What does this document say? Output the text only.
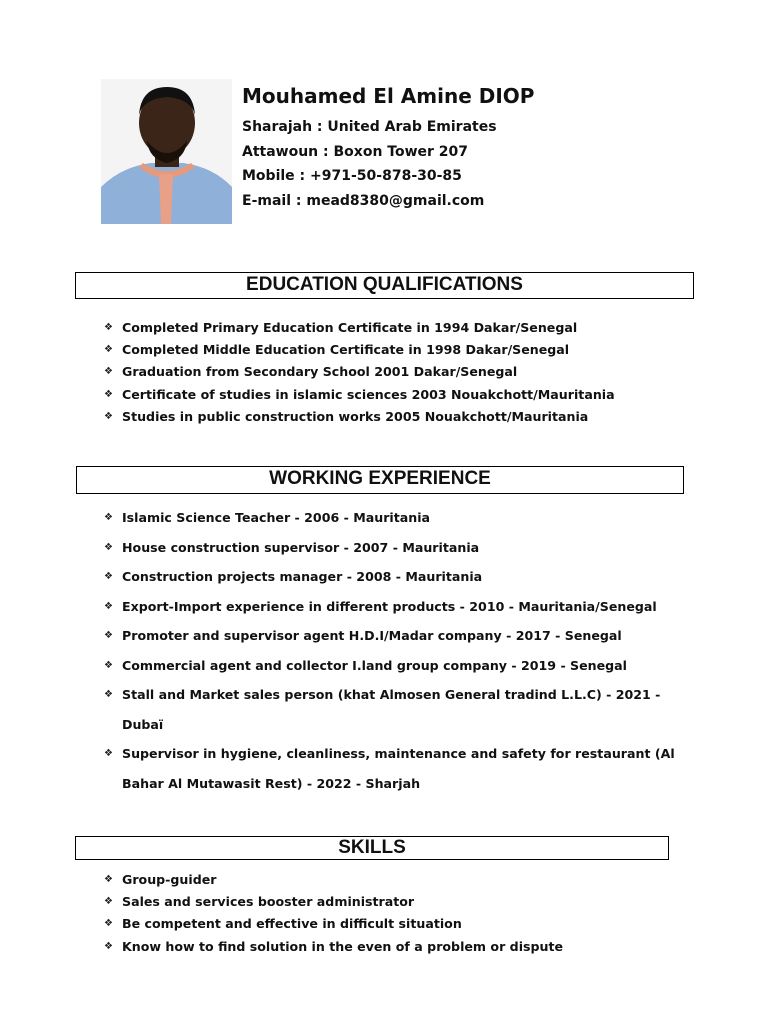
Mouhamed El Amine DIOP
Sharajah : United Arab Emirates
Attawoun : Boxon Tower 207
Mobile : +971-50-878-30-85
E-mail : mead8380@gmail.com
EDUCATION QUALIFICATIONS
❖ Completed Primary Education Certificate in 1994 Dakar/Senegal
❖ Completed Middle Education Certificate in 1998 Dakar/Senegal
❖ Graduation from Secondary School 2001 Dakar/Senegal
❖ Certificate of studies in islamic sciences 2003 Nouakchott/Mauritania
❖ Studies in public construction works 2005 Nouakchott/Mauritania
WORKING EXPERIENCE
❖ Islamic Science Teacher - 2006 - Mauritania
❖ House construction supervisor - 2007 - Mauritania
❖ Construction projects manager - 2008 - Mauritania
❖ Export-Import experience in different products - 2010 - Mauritania/Senegal
❖ Promoter and supervisor agent H.D.I/Madar company - 2017 - Senegal
❖ Commercial agent and collector I.land group company - 2019 - Senegal
❖ Stall and Market sales person (khat Almosen General tradind L.L.C) - 2021 -
Dubaï
❖ Supervisor in hygiene, cleanliness, maintenance and safety for restaurant (Al
Bahar Al Mutawasit Rest) - 2022 - Sharjah
SKILLS
❖ Group-guider
❖ Sales and services booster administrator
❖ Be competent and effective in difficult situation
❖ Know how to find solution in the even of a problem or dispute
